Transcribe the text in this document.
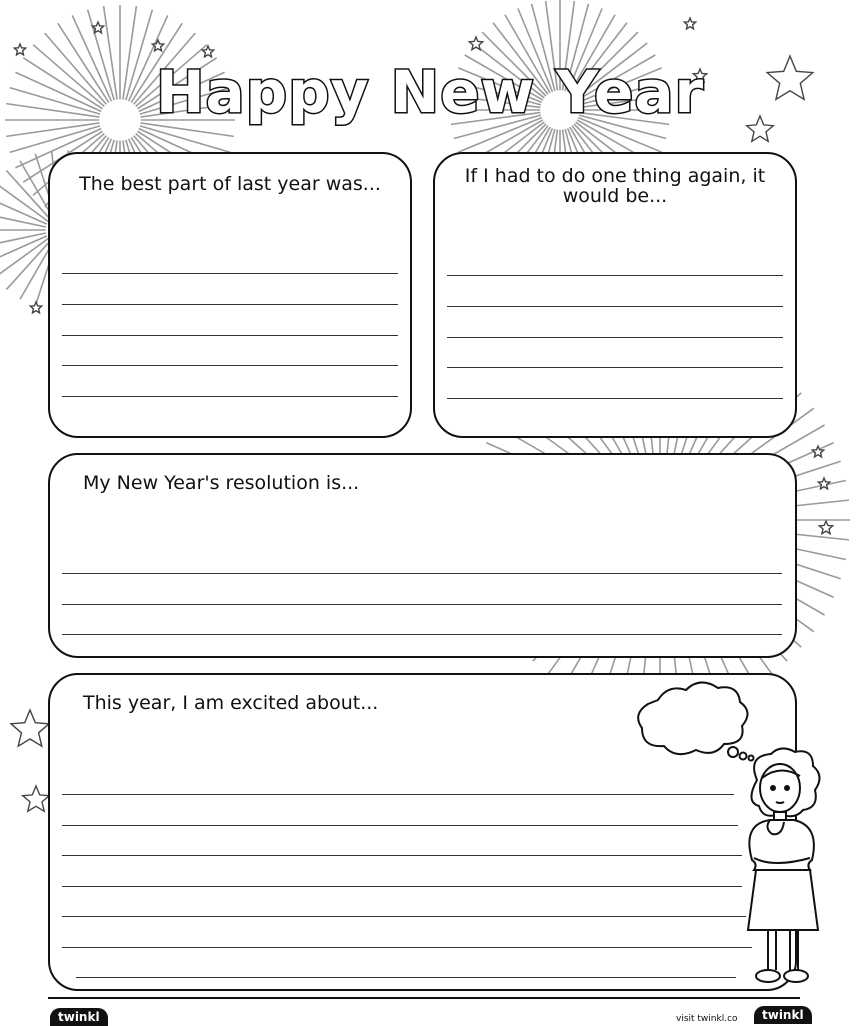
Happy New Year
The best part of last year was...	If I had to do one thing again, it would be...
My New Year's resolution is...
This year, I am excited about...
twinkl	visit twinkl.co	twinkl
